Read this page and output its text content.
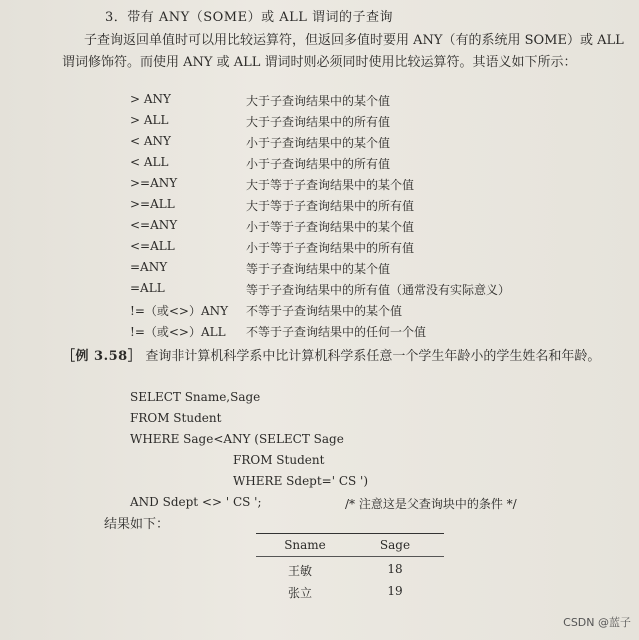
3．带有 ANY（SOME）或 ALL 谓词的子查询
子查询返回单值时可以用比较运算符，但返回多值时要用 ANY（有的系统用 SOME）或 ALL 谓词修饰符。而使用 ANY 或 ALL 谓词时则必须同时使用比较运算符。其语义如下所示：
> ANY	大于子查询结果中的某个值
> ALL	大于子查询结果中的所有值
< ANY	小于子查询结果中的某个值
< ALL	小于子查询结果中的所有值
>=ANY	大于等于子查询结果中的某个值
>=ALL	大于等于子查询结果中的所有值
<=ANY	小于等于子查询结果中的某个值
<=ALL	小于等于子查询结果中的所有值
=ANY	等于子查询结果中的某个值
=ALL	等于子查询结果中的所有值（通常没有实际意义）
!=（或<>）ANY 不等于子查询结果中的某个值
!=（或<>）ALL 不等于子查询结果中的任何一个值
［例 3.58］ 查询非计算机科学系中比计算机科学系任意一个学生年龄小的学生姓名和年龄。
SELECT Sname,Sage
FROM Student
WHERE Sage<ANY (SELECT Sage
FROM Student
WHERE Sdept=' CS ')
AND Sdept <> ' CS ';	/* 注意这是父查询块中的条件 */
结果如下：
Sname	Sage
王敏	18
张立	19
CSDN @蓝子
